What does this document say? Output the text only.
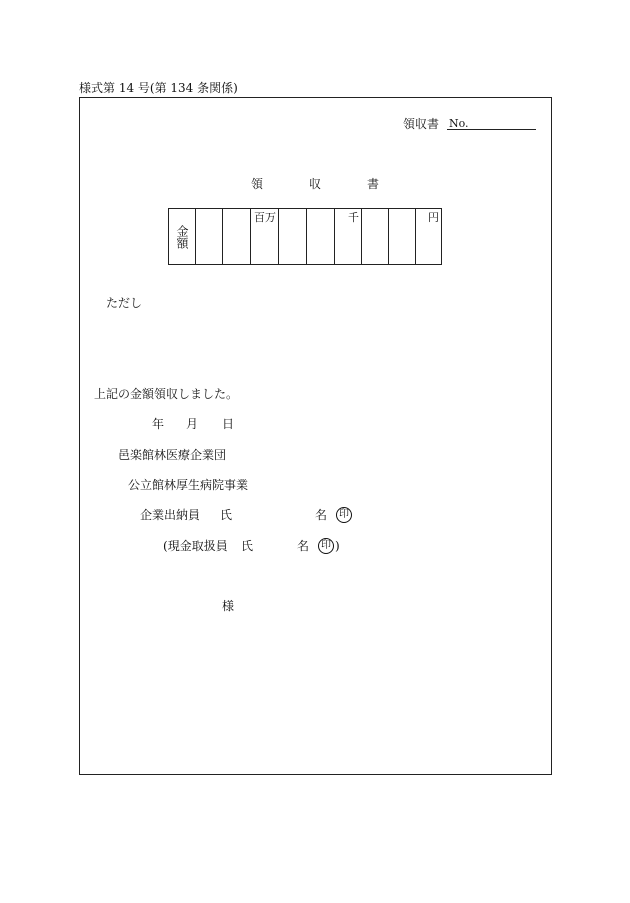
様式第 14 号(第 134 条関係)
領収書 No.
領収書
金額
百万	千	円
ただし
上記の金額領収しました。
年 月 日
邑楽館林医療企業団
公立館林厚生病院事業
企業出納員 氏	名	印
(現金取扱員 氏	名	印 )
様
